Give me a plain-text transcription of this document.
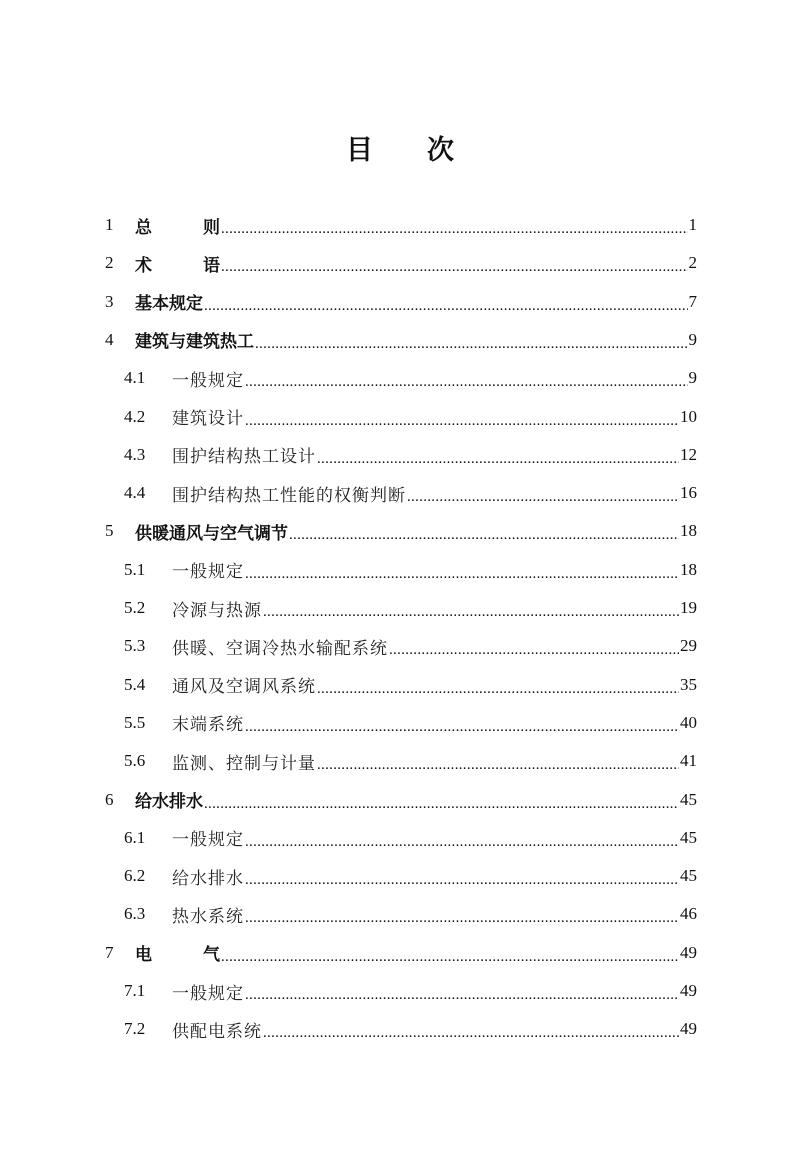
目 次
1	总	则 .....	1
2	术	语 .....	2
3	基本规定 .....	7
4	建筑与建筑热工 .....	9
4.1	一般规定 .....	9
4.2	建筑设计 .....	10
4.3	围护结构热工设计 .....	12
4.4	围护结构热工性能的权衡判断 .....	16
5	供暖通风与空气调节 .....	18
5.1	一般规定 .....	18
5.2	冷源与热源 .....	19
5.3	供暖、空调冷热水输配系统 .....	29
5.4	通风及空调风系统 .....	35
5.5	末端系统 .....	40
5.6	监测、控制与计量 .....	41
6	给水排水 .....	45
6.1	一般规定 .....	45
6.2	给水排水 .....	45
6.3	热水系统 .....	46
7	电	气 .....	49
7.1	一般规定 .....	49
7.2	供配电系统 .....	49
